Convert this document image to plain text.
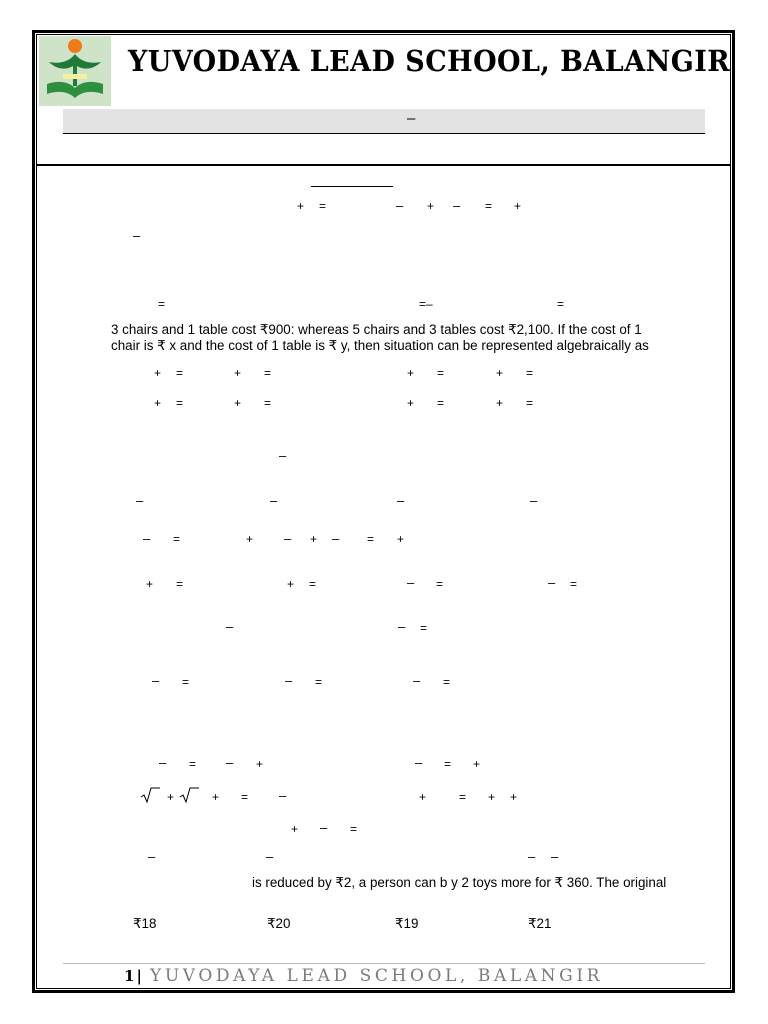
YUVODAYA LEAD SCHOOL, BALANGIR
–
+ =	– + – = +
–
=	=–	=
3 chairs and 1 table cost ₹900: whereas 5 chairs and 3 tables cost ₹2,100. If the cost of 1
chair is ₹ x and the cost of 1 table is ₹ y, then situation can be represented algebraically as
+ =	+ =	+ =	+ =
+ =	+ =	+ =	+ =
–
–	–	–	–
– =	+ – + – = +
+ =	+ =	– =	– =
–	– =
– =	– =	– =
– = – +	– = +
+	+ = –	+	= + +
+ – =
–	–	– –
is reduced by ₹2, a person can b y 2 toys more for ₹ 360. The original
₹18	₹20	₹19	₹21
1 | YUVODAYA LEAD SCHOOL, BALANGIR
